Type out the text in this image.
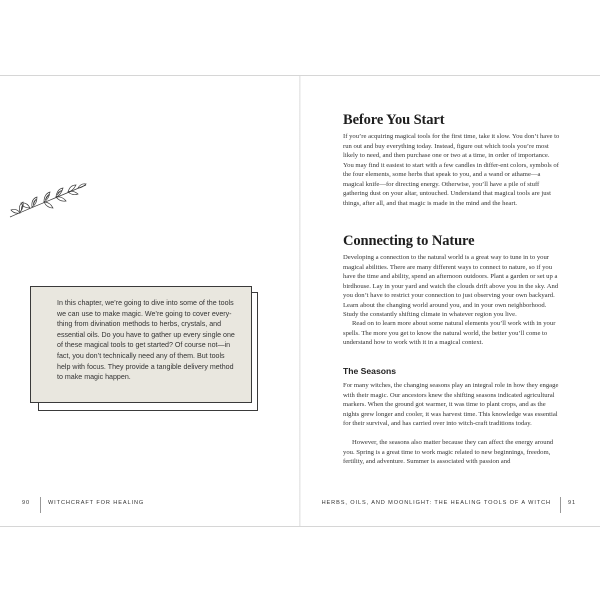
In this chapter, we’re going to dive into some of the tools we can use to make magic. We’re going to cover every-thing from divination methods to herbs, crystals, and essential oils. Do you have to gather up every single one of these magical tools to get started? Of course not—in fact, you don’t technically need any of them. But tools help with focus. They provide a tangible delivery method to make magic happen.

90	WITCHCRAFT FOR HEALING
Before You Start

If you’re acquiring magical tools for the first time, take it slow. You don’t have to run out and buy everything today. Instead, figure out which tools you’re most likely to need, and then purchase one or two at a time, in order of importance. You may find it easiest to start with a few candles in differ-ent colors, symbols of the four elements, some herbs that speak to you, and a wand or athame—a magical knife—for directing energy. Otherwise, you’ll have a pile of stuff gathering dust on your altar, untouched. Understand that magical tools are just things, after all, and that magic is made in the mind and the heart.

Connecting to Nature

Developing a connection to the natural world is a great way to tune in to your magical abilities. There are many different ways to connect to nature, so if you have the time and ability, spend an afternoon outdoors. Plant a garden or set up a birdhouse. Lay in your yard and watch the clouds drift above you in the sky. And you don’t have to restrict your connection to just observing your own backyard. Learn about the changing world around you, and in your own neighborhood. Study the constantly shifting climate in whatever region you live.

Read on to learn more about some natural elements you’ll work with in your spells. The more you get to know the natural world, the better you’ll come to understand how to work with it in a magical context.

The Seasons

For many witches, the changing seasons play an integral role in how they engage with their magic. Our ancestors knew the shifting seasons indicated agricultural markers. When the ground got warmer, it was time to plant crops, and as the nights grew longer and cooler, it was harvest time. This knowledge was essential for their survival, and has carried over into witch-craft traditions today.

However, the seasons also matter because they can affect the energy around you. Spring is a great time to work magic related to new beginnings, freedom, fertility, and adventure. Summer is associated with passion and

HERBS, OILS, AND MOONLIGHT: THE HEALING TOOLS OF A WITCH	91
